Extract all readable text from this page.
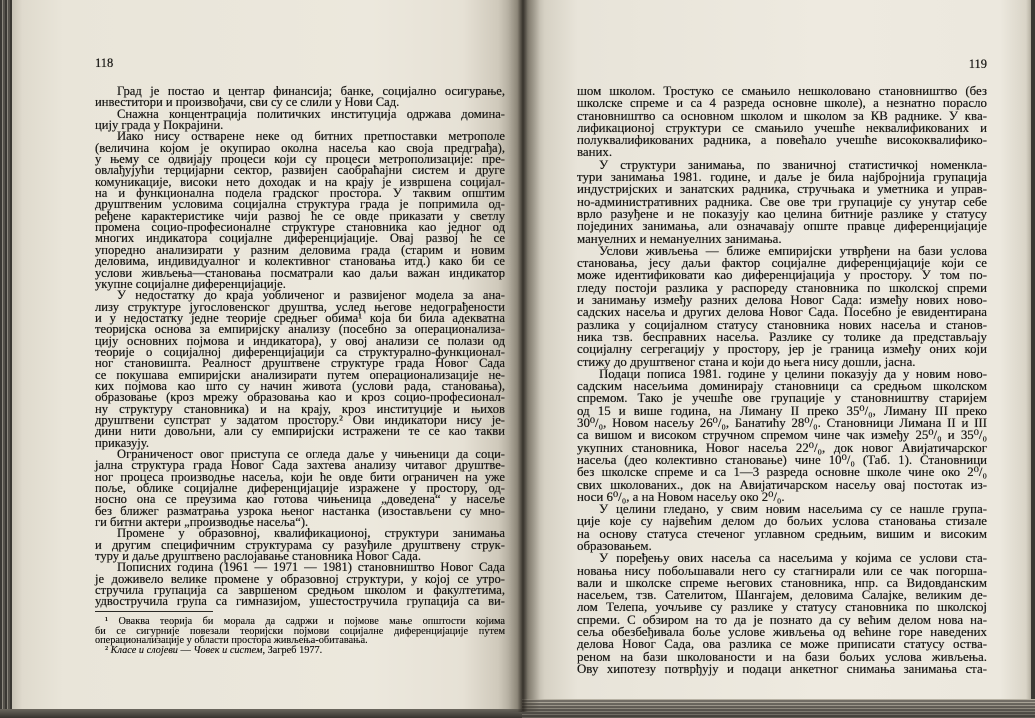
118	119
Град је постао и центар финансија; банке, социјално осигурање,
инвеститори и произвођачи, сви су се слили у Нови Сад.
Снажна концентрација политичких институција одржава домина-
цију града у Покрајини.
Иако нису остварене неке од битних претпоставки метрополе
(величина којом је окупирао околна насеља као своја предграђа),
у њему се одвијају процеси који су процеси метрополизације: пре-
овлађујући терцијарни сектор, развијен саобраћајни систем и друге
комуникације, високи нето доходак и на крају је извршена социјал-
на и функционална подела градског простора. У таквим општим
друштвеним условима социјална структура града је попримила од-
ређене карактеристике чији развој ће се овде приказати у светлу
промена социо-професионалне структуре становника као једног од
многих индикатора социјалне диференцијације. Овај развој ће се
упоредно анализирати у разним деловима града (старим и новим
деловима, индивидуалног и колективног становања итд.) како би се
услови живљења—становања посматрали као даљи важан индикатор
укупне социјалне диференцијације.
У недостатку до краја уобличеног и развијеног модела за ана-
лизу структуре југословенског друштва, услед његове недограђености
и у недостатку једне теорије средњег обима¹ која би била адекватна
теоријска основа за емпиријску анализу (посебно за операционализа-
цију основних појмова и индикатора), у овој анализи се полази од
теорије о социјалној диференцијацији са структурално-функционал-
ног становишта. Реалност друштвене структуре града Новог Сада
се покушава емпиријски анализирати путем операционализације не-
ких појмова као што су начин живота (услови рада, становања),
образовање (кроз мрежу образовања као и кроз социо-професионал-
ну структуру становника) и на крају, кроз институције и њихов
друштвени супстрат у задатом простору.² Ови индикатори нису је-
дини нити довољни, али су емпиријски истражени те се као такви
приказују.
Ограниченост овог приступа се огледа даље у чињеници да соци-
јална структура града Новог Сада захтева анализу читавог друштве-
ног процеса производње насеља, који ће овде бити ограничен на уже
поље, облике социјалне диференцијације изражене у простору, од-
носно она се преузима као готова чињеница „доведена“ у насеље
без ближег разматрања узрока њеног настанка (изостављени су мно-
ги битни актери „производње насеља“).
Промене у образовној, квалификационој, структури занимања
и другим специфичним структурама су разуђиле друштвену струк-
туру и даље друштвено раслојавање становника Новог Сада.
Пописних година (1961 — 1971 — 1981) становништво Новог Сада
је доживело велике промене у образовној структури, у којој се утро-
стручила групација са завршеном средњом школом и факултетима,
удвостручила група са гимназијом, ушестостручила групација са ви-
¹ Оваква теорија би морала да садржи и појмове мање општости којима
би се сигурније повезали теоријски појмови социјалне диференцијације путем
операционализације у области простора живљења-обитавања.
² Класе и слојеви — Човек и систем, Загреб 1977.
шом школом. Тростуко се смањило нешколовано становништво (без
школске спреме и са 4 разреда основне школе), а незнатно порасло
становништво са основном школом и школом за КВ раднике. У ква-
лификационој структури се смањило учешће неквалификованих и
полуквалификованих радника, а повећало учешће висококвалифико-
ваних.
У структури занимања, по званичној статистичкој номенкла-
тури занимања 1981. године, и даље је била најбројнија групација
индустријских и занатских радника, стручњака и уметника и управ-
но-административних радника. Све ове три групације су унутар себе
врло разуђене и не показују као целина битније разлике у статусу
појединих занимања, али означавају опште правце диференцијације
мануелних и немануелних занимања.
Услови живљења — ближе емпиријски утврђени на бази услова
становања, јесу даљи фактор социјалне диференцијације који се
може идентификовати као диференцијација у простору. У том по-
гледу постоји разлика у распореду становника по школској спреми
и занимању између разних делова Новог Сада: између нових ново-
садских насеља и других делова Новог Сада. Посебно је евидентирана
разлика у социјалном статусу становника нових насеља и станов-
ника тзв. бесправних насеља. Разлике су толике да представљају
социјалну сегрегацију у простору, јер је граница између оних који
стижу до друштвеног стана и који до њега нису дошли, јасна.
Подаци пописа 1981. године у целини показују да у новим ново-
садским насељима доминирају становници са средњом школском
спремом. Тако је учешће ове групације у становништву старијем
од 15 и више година, на Лиману II преко 35⁰/₀, Лиману III преко
30⁰/₀, Новом насељу 26⁰/₀, Банатићу 28⁰/₀. Становници Лимана II и III
са вишом и високом стручном спремом чине чак између 25⁰/₀ и 35⁰/₀
укупних становника, Новог насеља 22⁰/₀, док новог Авијатичарског
насеља (део колективно становање) чине 10⁰/₀ (Таб. 1). Становници
без школске спреме и са 1—3 разреда основне школе чине око 2⁰/₀
свих школованих., док на Авијатичарском насељу овај постотак из-
носи 6⁰/₀, а на Новом насељу око 2⁰/₀.
У целини гледано, у свим новим насељима су се нашле група-
ције које су највећим делом до бољих услова становања стизале
на основу статуса стеченог углавном средњим, вишим и високим
образовањем.
У поређењу ових насеља са насељима у којима се услови ста-
новања нису побољшавали него су стагнирали или се чак погорша-
вали и школске спреме његових становника, нпр. са Видовданским
насељем, тзв. Сателитом, Шангајем, деловима Салајке, великим де-
лом Телепа, уочљиве су разлике у статусу становника по школској
спреми. С обзиром на то да је познато да су већим делом нова на-
сеља обезбеђивала боље услове живљења од већине горе наведених
делова Новог Сада, ова разлика се може приписати статусу оства-
реном на бази школованости и на бази бољих услова живљења.
Ову хипотезу потврђују и подаци анкетног снимања занимања ста-
